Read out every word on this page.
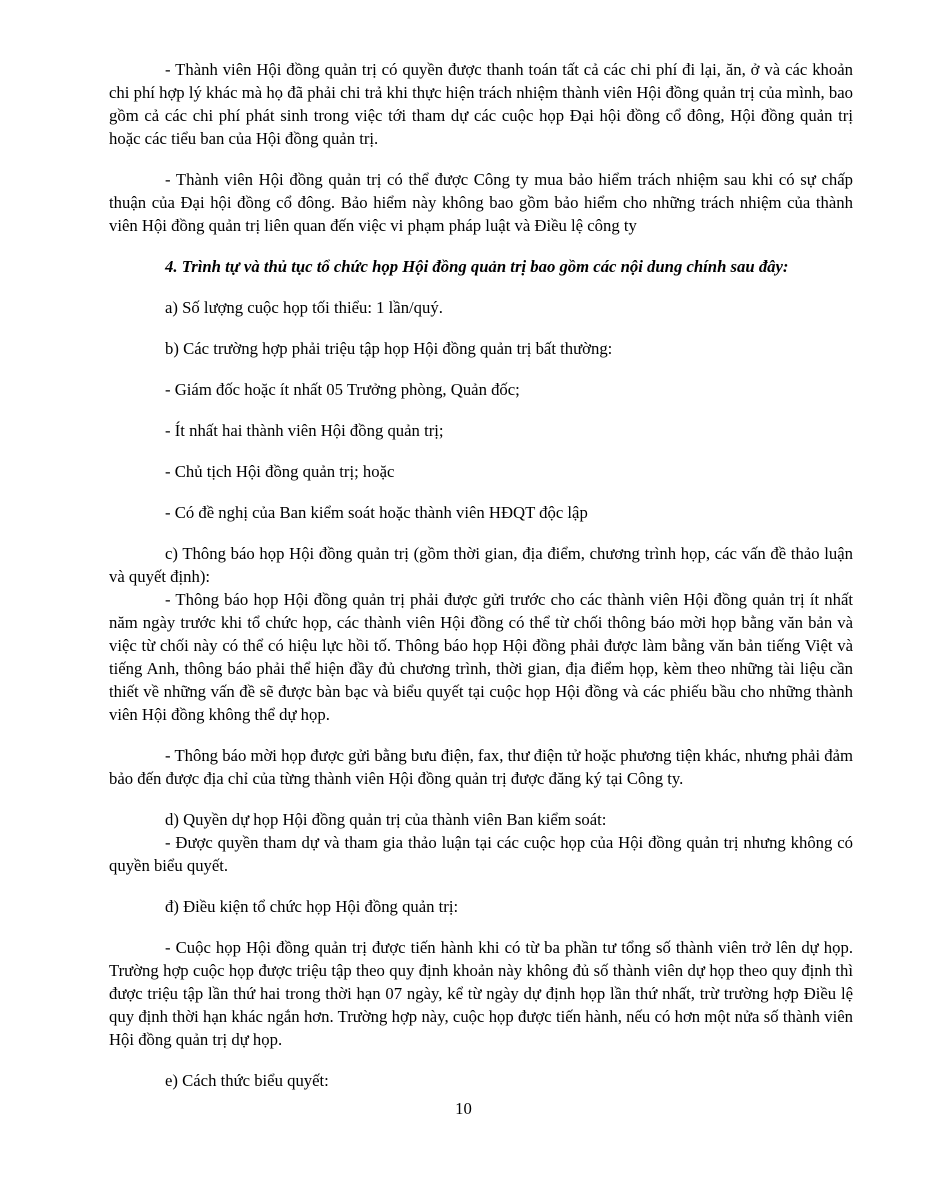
- Thành viên Hội đồng quản trị có quyền được thanh toán tất cả các chi phí đi lại, ăn, ở và các khoản chi phí hợp lý khác mà họ đã phải chi trả khi thực hiện trách nhiệm thành viên Hội đồng quản trị của mình, bao gồm cả các chi phí phát sinh trong việc tới tham dự các cuộc họp Đại hội đồng cổ đông, Hội đồng quản trị hoặc các tiểu ban của Hội đồng quản trị.

- Thành viên Hội đồng quản trị có thể được Công ty mua bảo hiểm trách nhiệm sau khi có sự chấp thuận của Đại hội đồng cổ đông. Bảo hiểm này không bao gồm bảo hiểm cho những trách nhiệm của thành viên Hội đồng quản trị liên quan đến việc vi phạm pháp luật và Điều lệ công ty

4. Trình tự và thủ tục tổ chức họp Hội đồng quản trị bao gồm các nội dung chính sau đây:

a) Số lượng cuộc họp tối thiểu: 1 lần/quý.

b) Các trường hợp phải triệu tập họp Hội đồng quản trị bất thường:

- Giám đốc hoặc ít nhất 05 Trưởng phòng, Quản đốc;

- Ít nhất hai thành viên Hội đồng quản trị;

- Chủ tịch Hội đồng quản trị; hoặc

- Có đề nghị của Ban kiểm soát hoặc thành viên HĐQT độc lập

c) Thông báo họp Hội đồng quản trị (gồm thời gian, địa điểm, chương trình họp, các vấn đề thảo luận và quyết định):

- Thông báo họp Hội đồng quản trị phải được gửi trước cho các thành viên Hội đồng quản trị ít nhất năm ngày trước khi tổ chức họp, các thành viên Hội đồng có thể từ chối thông báo mời họp bằng văn bản và việc từ chối này có thể có hiệu lực hồi tố. Thông báo họp Hội đồng phải được làm bằng văn bản tiếng Việt và tiếng Anh, thông báo phải thể hiện đầy đủ chương trình, thời gian, địa điểm họp, kèm theo những tài liệu cần thiết về những vấn đề sẽ được bàn bạc và biểu quyết tại cuộc họp Hội đồng và các phiếu bầu cho những thành viên Hội đồng không thể dự họp.

- Thông báo mời họp được gửi bằng bưu điện, fax, thư điện tử hoặc phương tiện khác, nhưng phải đảm bảo đến được địa chỉ của từng thành viên Hội đồng quản trị được đăng ký tại Công ty.

d) Quyền dự họp Hội đồng quản trị của thành viên Ban kiểm soát:

- Được quyền tham dự và tham gia thảo luận tại các cuộc họp của Hội đồng quản trị nhưng không có quyền biểu quyết.

đ) Điều kiện tổ chức họp Hội đồng quản trị:

- Cuộc họp Hội đồng quản trị được tiến hành khi có từ ba phần tư tổng số thành viên trở lên dự họp. Trường hợp cuộc họp được triệu tập theo quy định khoản này không đủ số thành viên dự họp theo quy định thì được triệu tập lần thứ hai trong thời hạn 07 ngày, kể từ ngày dự định họp lần thứ nhất, trừ trường hợp Điều lệ quy định thời hạn khác ngắn hơn. Trường hợp này, cuộc họp được tiến hành, nếu có hơn một nửa số thành viên Hội đồng quản trị dự họp.

e) Cách thức biểu quyết:

10
